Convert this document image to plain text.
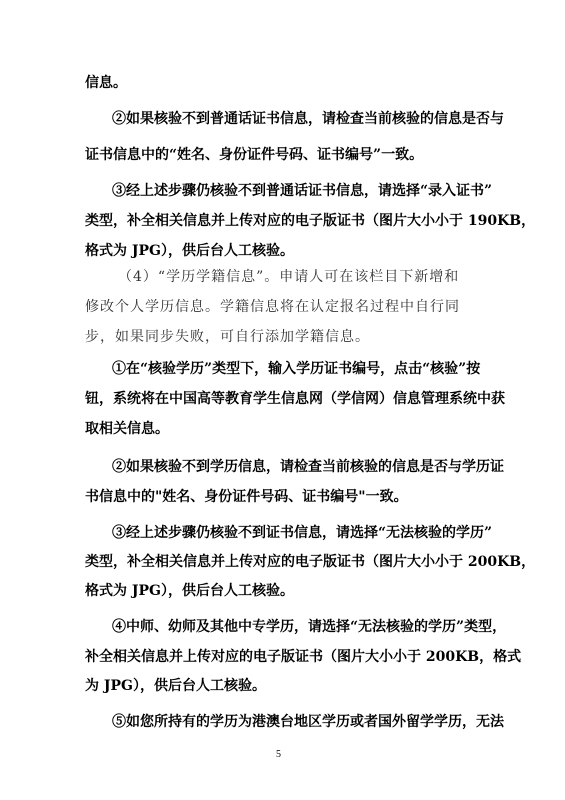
信息。
②如果核验不到普通话证书信息，请检查当前核验的信息是否与
证书信息中的“姓名、身份证件号码、证书编号”一致。
③经上述步骤仍核验不到普通话证书信息，请选择“录入证书”
类型，补全相关信息并上传对应的电子版证书（图片大小小于 190KB，
格式为 JPG），供后台人工核验。
（4）“学历学籍信息”。申请人可在该栏目下新增和
修改个人学历信息。学籍信息将在认定报名过程中自行同
步，如果同步失败，可自行添加学籍信息。
①在“核验学历”类型下，输入学历证书编号，点击“核验”按
钮，系统将在中国高等教育学生信息网（学信网）信息管理系统中获
取相关信息。
②如果核验不到学历信息，请检查当前核验的信息是否与学历证
书信息中的"姓名、身份证件号码、证书编号"一致。
③经上述步骤仍核验不到证书信息，请选择“无法核验的学历”
类型，补全相关信息并上传对应的电子版证书（图片大小小于 200KB，
格式为 JPG），供后台人工核验。
④中师、幼师及其他中专学历，请选择“无法核验的学历”类型，
补全相关信息并上传对应的电子版证书（图片大小小于 200KB，格式
为 JPG），供后台人工核验。
⑤如您所持有的学历为港澳台地区学历或者国外留学学历，无法
5
